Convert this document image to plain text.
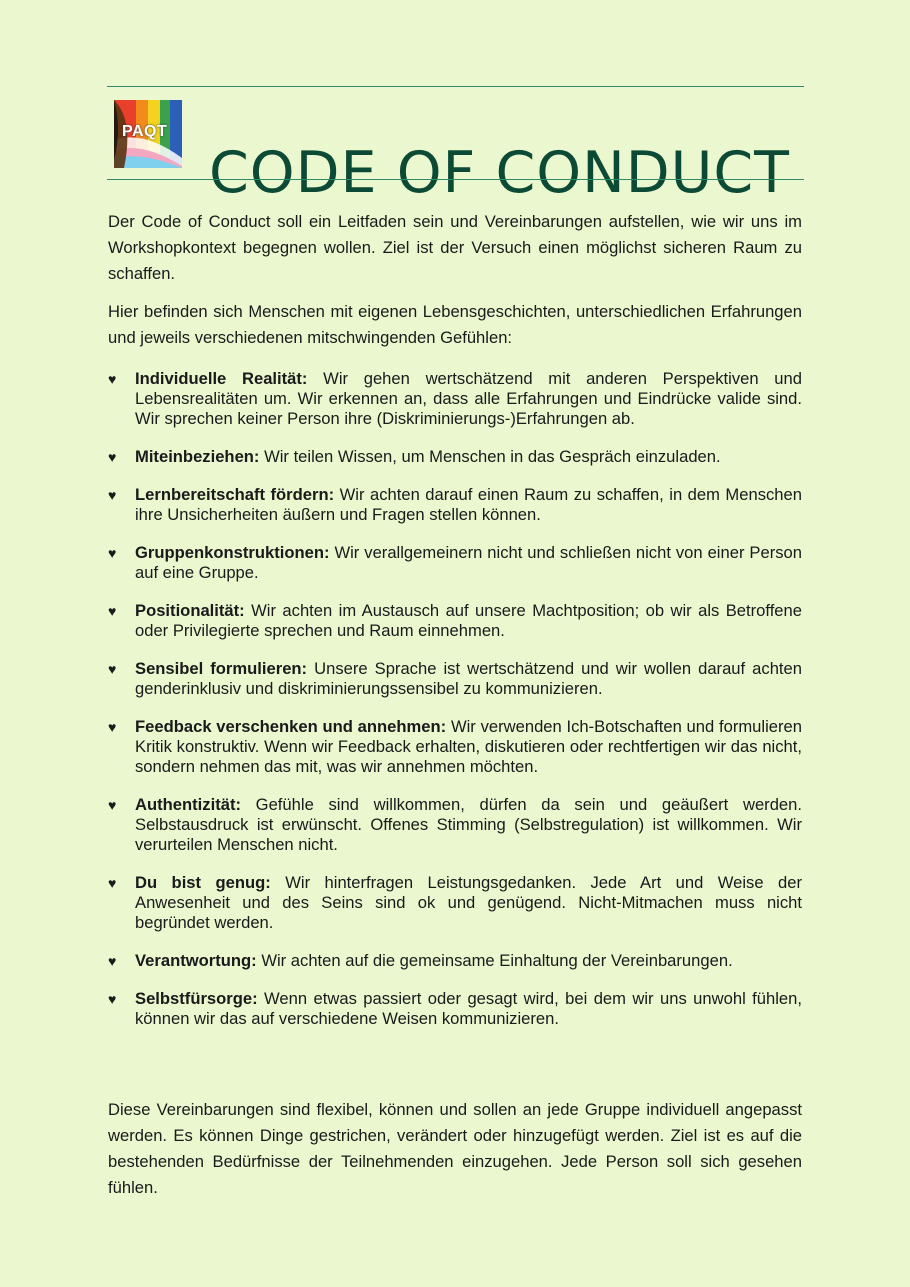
PAQT
CODE OF CONDUCT

Der Code of Conduct soll ein Leitfaden sein und Vereinbarungen aufstellen, wie wir uns im Workshopkontext begegnen wollen. Ziel ist der Versuch einen möglichst sicheren Raum zu schaffen.

Hier befinden sich Menschen mit eigenen Lebensgeschichten, unterschiedlichen Erfahrungen und jeweils verschiedenen mitschwingenden Gefühlen:

♥ Individuelle Realität: Wir gehen wertschätzend mit anderen Perspektiven und Lebensrealitäten um. Wir erkennen an, dass alle Erfahrungen und Eindrücke valide sind. Wir sprechen keiner Person ihre (Diskriminierungs-)Erfahrungen ab.
♥ Miteinbeziehen: Wir teilen Wissen, um Menschen in das Gespräch einzuladen.
♥ Lernbereitschaft fördern: Wir achten darauf einen Raum zu schaffen, in dem Menschen ihre Unsicherheiten äußern und Fragen stellen können.
♥ Gruppenkonstruktionen: Wir verallgemeinern nicht und schließen nicht von einer Person auf eine Gruppe.
♥ Positionalität: Wir achten im Austausch auf unsere Machtposition; ob wir als Betroffene oder Privilegierte sprechen und Raum einnehmen.
♥ Sensibel formulieren: Unsere Sprache ist wertschätzend und wir wollen darauf achten genderinklusiv und diskriminierungssensibel zu kommunizieren.
♥ Feedback verschenken und annehmen: Wir verwenden Ich-Botschaften und formulieren Kritik konstruktiv. Wenn wir Feedback erhalten, diskutieren oder rechtfertigen wir das nicht, sondern nehmen das mit, was wir annehmen möchten.
♥ Authentizität: Gefühle sind willkommen, dürfen da sein und geäußert werden. Selbstausdruck ist erwünscht. Offenes Stimming (Selbstregulation) ist willkommen. Wir verurteilen Menschen nicht.
♥ Du bist genug: Wir hinterfragen Leistungsgedanken. Jede Art und Weise der Anwesenheit und des Seins sind ok und genügend. Nicht-Mitmachen muss nicht begründet werden.
♥ Verantwortung: Wir achten auf die gemeinsame Einhaltung der Vereinbarungen.
♥ Selbstfürsorge: Wenn etwas passiert oder gesagt wird, bei dem wir uns unwohl fühlen, können wir das auf verschiedene Weisen kommunizieren.

Diese Vereinbarungen sind flexibel, können und sollen an jede Gruppe individuell angepasst werden. Es können Dinge gestrichen, verändert oder hinzugefügt werden. Ziel ist es auf die bestehenden Bedürfnisse der Teilnehmenden einzugehen. Jede Person soll sich gesehen fühlen.
